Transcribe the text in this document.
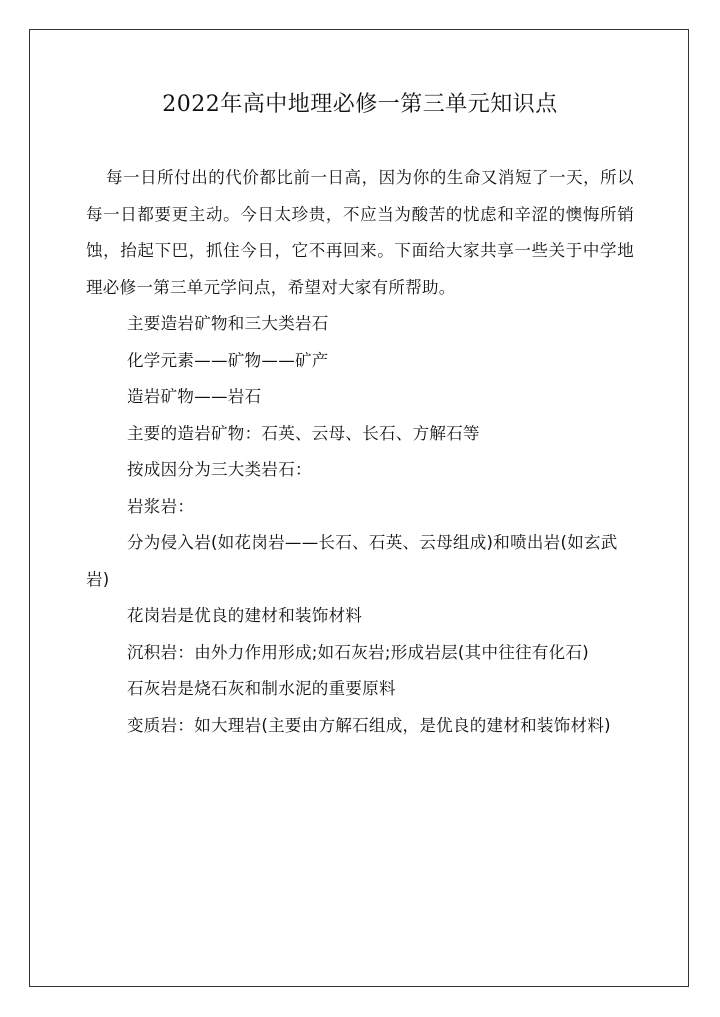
2022年高中地理必修一第三单元知识点

每一日所付出的代价都比前一日高，因为你的生命又消短了一天，所以每一日都要更主动。今日太珍贵，不应当为酸苦的忧虑和辛涩的懊悔所销蚀，抬起下巴，抓住今日，它不再回来。下面给大家共享一些关于中学地理必修一第三单元学问点，希望对大家有所帮助。

主要造岩矿物和三大类岩石

化学元素——矿物——矿产

造岩矿物——岩石

主要的造岩矿物：石英、云母、长石、方解石等

按成因分为三大类岩石：

岩浆岩：

分为侵入岩(如花岗岩——长石、石英、云母组成)和喷出岩(如玄武岩)

花岗岩是优良的建材和装饰材料

沉积岩：由外力作用形成;如石灰岩;形成岩层(其中往往有化石)

石灰岩是烧石灰和制水泥的重要原料

变质岩：如大理岩(主要由方解石组成，是优良的建材和装饰材料)
